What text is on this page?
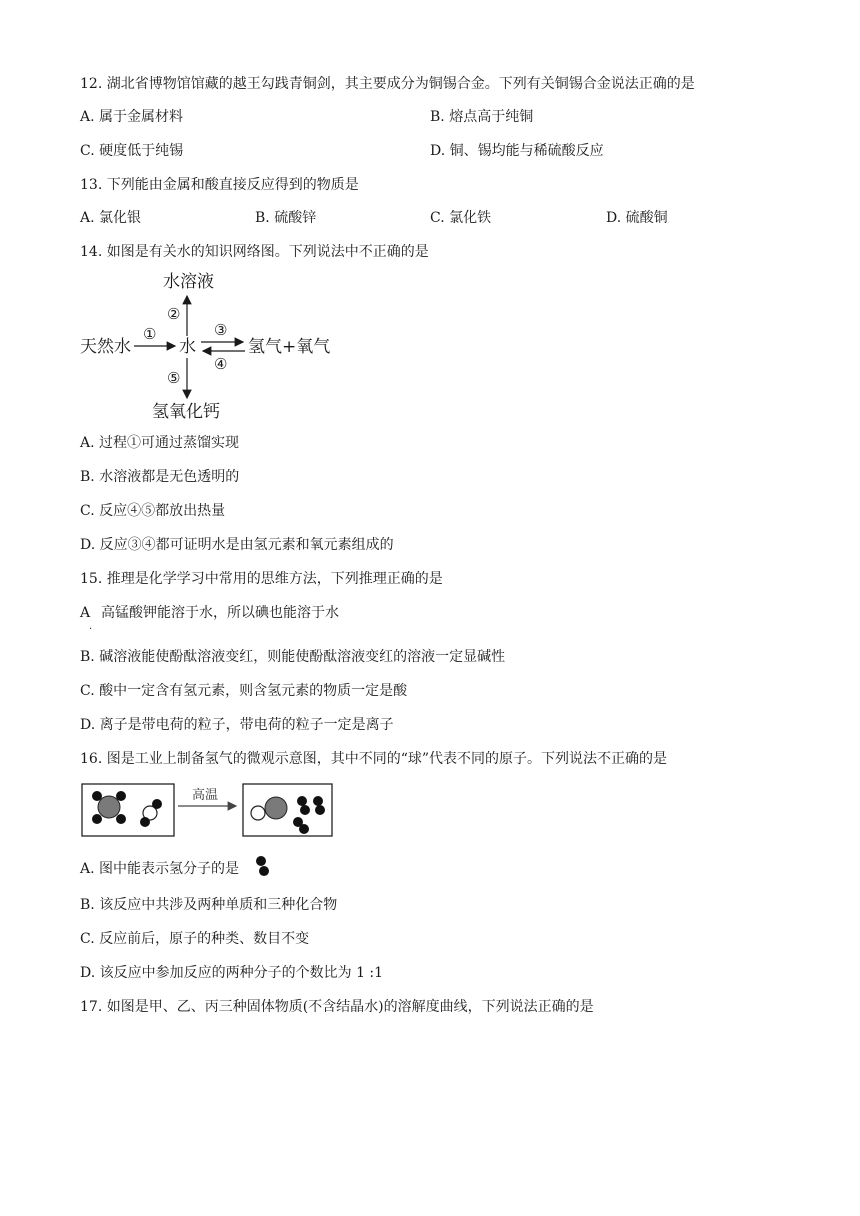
12. 湖北省博物馆馆藏的越王勾践青铜剑，其主要成分为铜锡合金。下列有关铜锡合金说法正确的是
A. 属于金属材料	B. 熔点高于纯铜
C. 硬度低于纯锡	D. 铜、锡均能与稀硫酸反应
13. 下列能由金属和酸直接反应得到的物质是
A. 氯化银	B. 硫酸锌	C. 氯化铁	D. 硫酸铜
14. 如图是有关水的知识网络图。下列说法中不正确的是
水溶液
天然水	水	氢气+氧气
氢氧化钙
①
②
③
④
⑤
A. 过程①可通过蒸馏实现
B. 水溶液都是无色透明的
C. 反应④⑤都放出热量
D. 反应③④都可证明水是由氢元素和氧元素组成的
15. 推理是化学学习中常用的思维方法，下列推理正确的是
A 高锰酸钾能溶于水，所以碘也能溶于水
.
B. 碱溶液能使酚酞溶液变红，则能使酚酞溶液变红的溶液一定显碱性
C. 酸中一定含有氢元素，则含氢元素的物质一定是酸
D. 离子是带电荷的粒子，带电荷的粒子一定是离子
16. 图是工业上制备氢气的微观示意图，其中不同的“球”代表不同的原子。下列说法不正确的是
高温
A. 图中能表示氢分子的是
B. 该反应中共涉及两种单质和三种化合物
C. 反应前后，原子的种类、数目不变
D. 该反应中参加反应的两种分子的个数比为 1 :1
17. 如图是甲、乙、丙三种固体物质(不含结晶水)的溶解度曲线，下列说法正确的是
